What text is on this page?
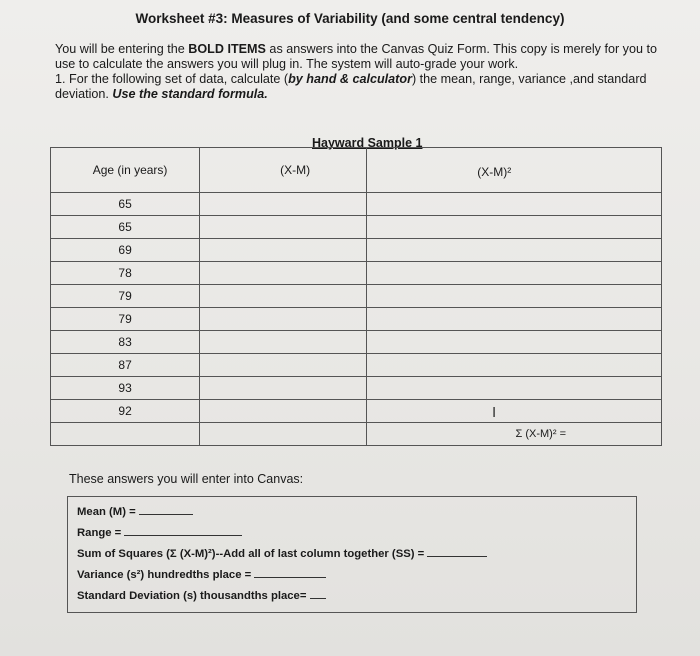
Worksheet #3: Measures of Variability (and some central tendency)

You will be entering the BOLD ITEMS as answers into the Canvas Quiz Form. This copy is merely for you to use to calculate the answers you will plug in. The system will auto-grade your work.

1. For the following set of data, calculate (by hand & calculator) the mean, range, variance ,and standard deviation. Use the standard formula.

Hayward Sample 1
Age (in years)	(X-M)	(X-M)²

65		
65		
69		
78		
79		
79		
83		
87		
93		
92		
		Σ (X-M)² =
I
These answers you will enter into Canvas:
Mean (M) =
Range =
Sum of Squares (Σ (X-M)²)--Add all of last column together (SS) =
Variance (s²) hundredths place =
Standard Deviation (s) thousandths place=
